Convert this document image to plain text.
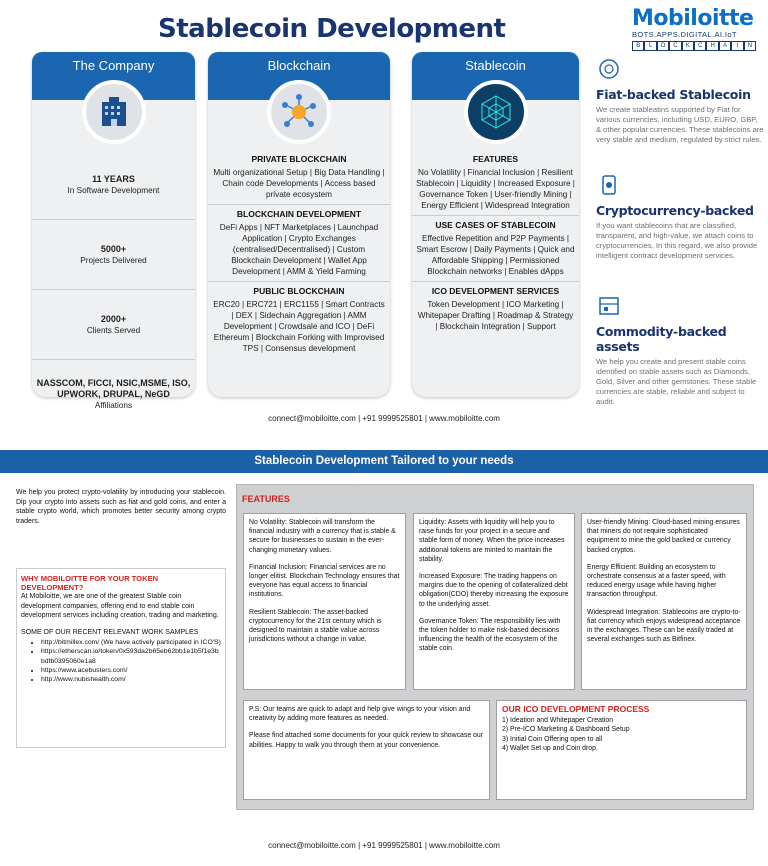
Stablecoin Development	Mobiloitte
BOTS.APPS.DIGITAL.AI.IoT
B	L	O	C	K	C	H	A	I	N
The Company
11 YEARS
In Software Development
5000+
Projects Delivered
2000+
Clients Served
NASSCOM, FICCI, NSIC,MSME, ISO, UPWORK, DRUPAL, NeGD
Affiliations
Blockchain
PRIVATE BLOCKCHAIN
Multi organizational Setup | Big Data Handling | Chain code Developments | Access based private ecosystem
BLOCKCHAIN DEVELOPMENT
DeFi Apps | NFT Marketplaces | Launchpad Application | Crypto Exchanges (centralised/Decentralised) | Custom Blockchain Development | Wallet App Development | AMM & Yield Farming
PUBLIC BLOCKCHAIN
ERC20 | ERC721 | ERC1155 | Smart Contracts | DEX | Sidechain Aggregation | AMM Development | Crowdsale and ICO | DeFi Ethereum | Blockchain Forking with Improvised TPS | Consensus development
Stablecoin
FEATURES
No Volatility | Financial Inclusion | Resilient Stablecoin | Liquidity | Increased Exposure | Governance Token | User-friendly Mining | Energy Efficient | Widespread Integration
USE CASES OF STABLECOIN
Effective Repetition and P2P Payments | Smart Escrow | Daily Payments | Quick and Affordable Shipping | Permissioned Blockchain networks | Enables dApps
ICO DEVELOPMENT SERVICES
Token Development | ICO Marketing | Whitepaper Drafting | Roadmap & Strategy | Blockchain Integration | Support
Fiat-backed Stablecoin
We create stableatins supported by Fiat for various currencies, including USD, EURO, GBP, & other popular currencies. These stablecoins are very stable and medium, regulated by strict rules.
Cryptocurrency-backed
If you want stablecoins that are classified, transparent, and high-value, we attach coins to cryptocurrencies. In this regard, we also provide intelligent contract development services.
Commodity-backed assets
We help you create and present stable coins identified on stable assets such as Diamonds, Gold, Silver and other gemstones. These stable currencies are stable, reliable and subject to audit.
connect@mobiloitte.com | +91 9999525801 | www.mobiloitte.com
Stablecoin Development Tailored to your needs
We help you protect crypto-volatility by introducing your stablecoin. Dip your crypto into assets such as fiat and gold coins, and enter a stable crypto world, which promotes better security among crypto traders.
WHY MOBILOITTE FOR YOUR TOKEN DEVELOPMENT?
At Mobiloitte, we are one of the greatest Stable coin development companies, offering end to end stable coin development services including creation, trading and marketing.
SOME OF OUR RECENT RELEVANT WORK SAMPLES
• http://bitmillex.com/ (We have actively participated in ICO'S)
• https://etherscan.io/token/0x593da2b65eb62bb1e1b5f1e3bbdfb0395060e1a8
• https://www.acebusters.com/
• http://www.nubishealth.com/
FEATURES

No Volatility: Stablecoin will transform the financial industry with a currency that is stable & secure for businesses to sustain in the ever-changing monetary values.

Financial Inclusion: Financial services are no longer elitist. Blockchain Technology ensures that everyone has equal access to financial institutions.

Resilient Stablecoin: The asset-backed cryptocurrency for the 21st century which is designed to maintain a stable value across jurisdictions without a change in value.

Liquidity: Assets with liquidity will help you to raise funds for your project in a secure and stable form of money. When the price increases additional tokens are minted to maintain the stability.

Increased Exposure: The trading happens on margins due to the opening of collateralized debt obligation(CDO) thereby increasing the exposure to the underlying asset.

Governance Token: The responsibility lies with the token holder to make risk-based decisions influencing the health of the ecosystem of the stable coin.

User-friendly Mining: Cloud-based mining ensures that miners do not require sophisticated equipment to mine the gold backed or currency backed cryptos.

Energy Efficient: Building an ecosystem to orchestrate consensus at a faster speed, with reduced energy usage while having higher transaction throughput.

Widespread Integration: Stablecoins are crypto-to-fiat currency which enjoys widespread acceptance in the exchanges. These can be easily traded at several exchanges such as Bitfinex.

P.S: Our teams are quick to adapt and help give wings to your vision and creativity by adding more features as needed.

Please find attached some documents for your quick review to showcase our abilities. Happy to walk you through them at your convenience.

OUR ICO DEVELOPMENT PROCESS
1) Ideation and Whitepaper Creation
2) Pre-ICO Marketing & Dashboard Setup
3) Initial Coin Offering open to all
4) Wallet Set up and Coin drop.
connect@mobiloitte.com | +91 9999525801 | www.mobiloitte.com
